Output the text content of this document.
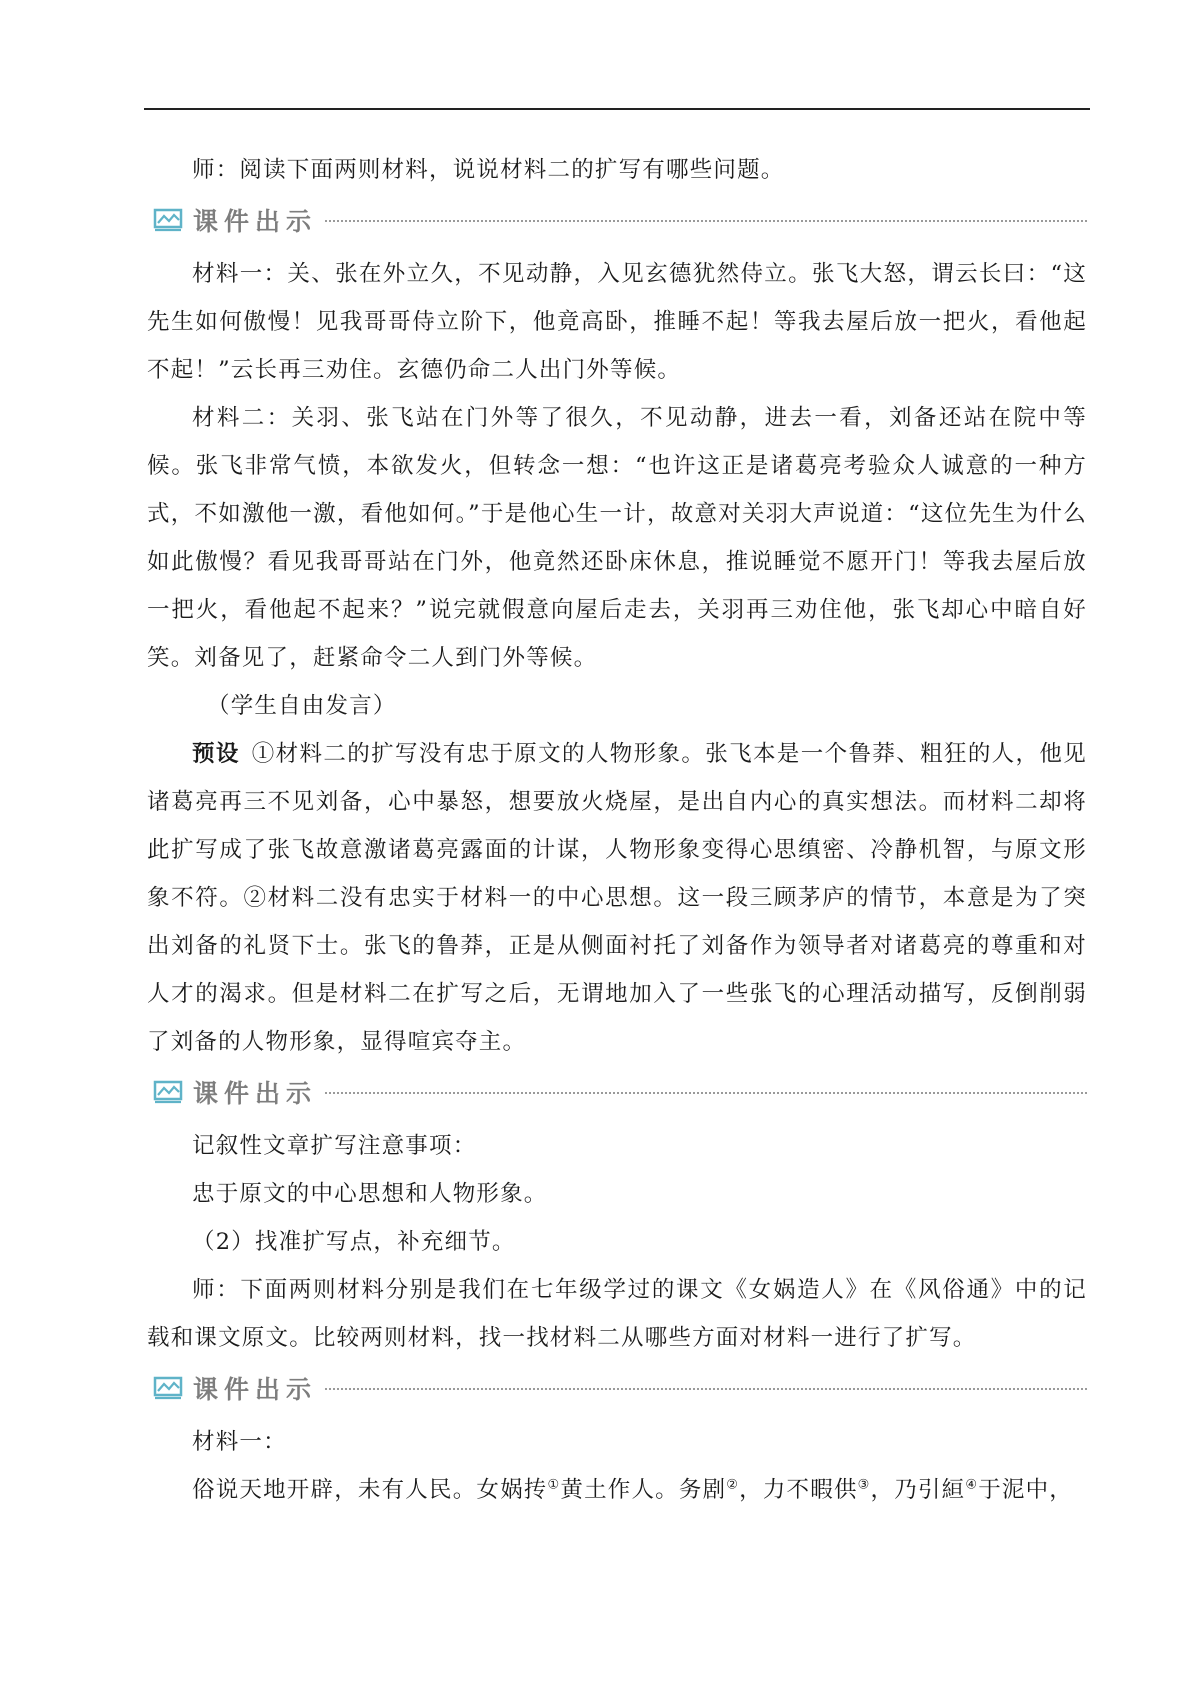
师：阅读下面两则材料，说说材料二的扩写有哪些问题。

课件出示

材料一：关、张在外立久，不见动静，入见玄德犹然侍立。张飞大怒，谓云长曰：“这先生如何傲慢！见我哥哥侍立阶下，他竟高卧，推睡不起！等我去屋后放一把火，看他起不起！”云长再三劝住。玄德仍命二人出门外等候。

材料二：关羽、张飞站在门外等了很久，不见动静，进去一看，刘备还站在院中等候。张飞非常气愤，本欲发火，但转念一想：“也许这正是诸葛亮考验众人诚意的一种方式，不如激他一激，看他如何。”于是他心生一计，故意对关羽大声说道：“这位先生为什么如此傲慢？看见我哥哥站在门外，他竟然还卧床休息，推说睡觉不愿开门！等我去屋后放一把火，看他起不起来？”说完就假意向屋后走去，关羽再三劝住他，张飞却心中暗自好笑。刘备见了，赶紧命令二人到门外等候。

（学生自由发言）

预设 ①材料二的扩写没有忠于原文的人物形象。张飞本是一个鲁莽、粗狂的人，他见诸葛亮再三不见刘备，心中暴怒，想要放火烧屋，是出自内心的真实想法。而材料二却将此扩写成了张飞故意激诸葛亮露面的计谋，人物形象变得心思缜密、冷静机智，与原文形象不符。②材料二没有忠实于材料一的中心思想。这一段三顾茅庐的情节，本意是为了突出刘备的礼贤下士。张飞的鲁莽，正是从侧面衬托了刘备作为领导者对诸葛亮的尊重和对人才的渴求。但是材料二在扩写之后，无谓地加入了一些张飞的心理活动描写，反倒削弱了刘备的人物形象，显得喧宾夺主。

课件出示

记叙性文章扩写注意事项：

忠于原文的中心思想和人物形象。

（2）找准扩写点，补充细节。

师：下面两则材料分别是我们在七年级学过的课文《女娲造人》在《风俗通》中的记载和课文原文。比较两则材料，找一找材料二从哪些方面对材料一进行了扩写。

课件出示

材料一：

俗说天地开辟，未有人民。女娲抟①黄土作人。务剧②，力不暇供③，乃引絙④于泥中，
